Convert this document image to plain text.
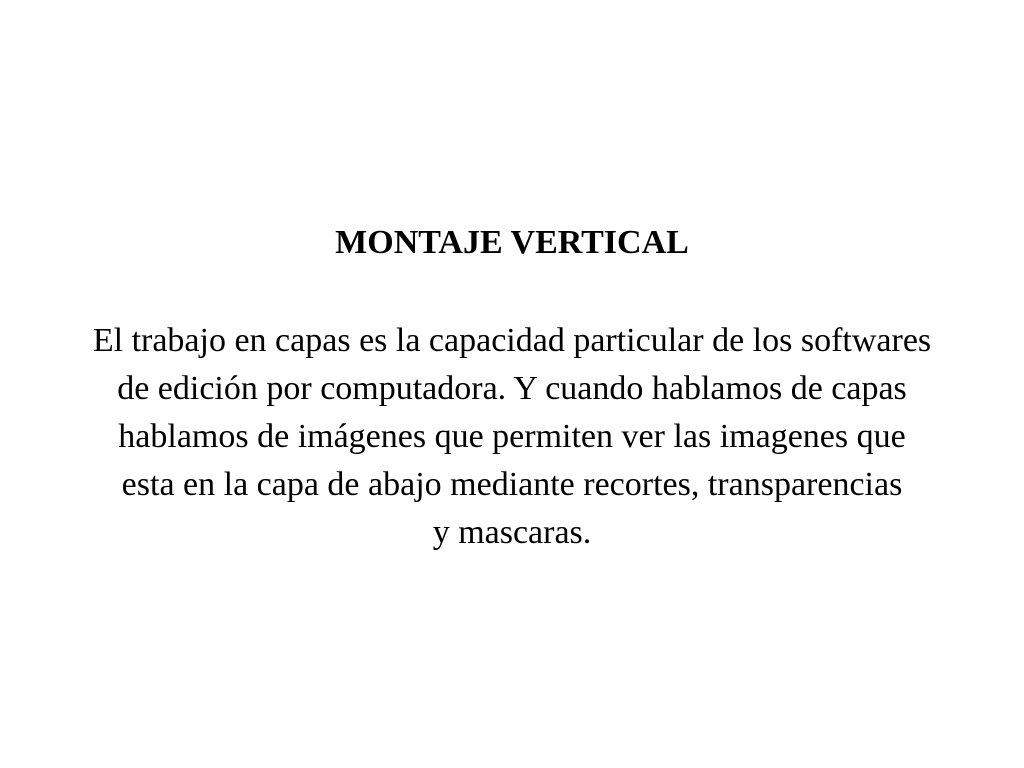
MONTAJE VERTICAL
El trabajo en capas es la capacidad particular de los softwares
de edición por computadora. Y cuando hablamos de capas
hablamos de imágenes que permiten ver las imagenes que
esta en la capa de abajo mediante recortes, transparencias
y mascaras.
